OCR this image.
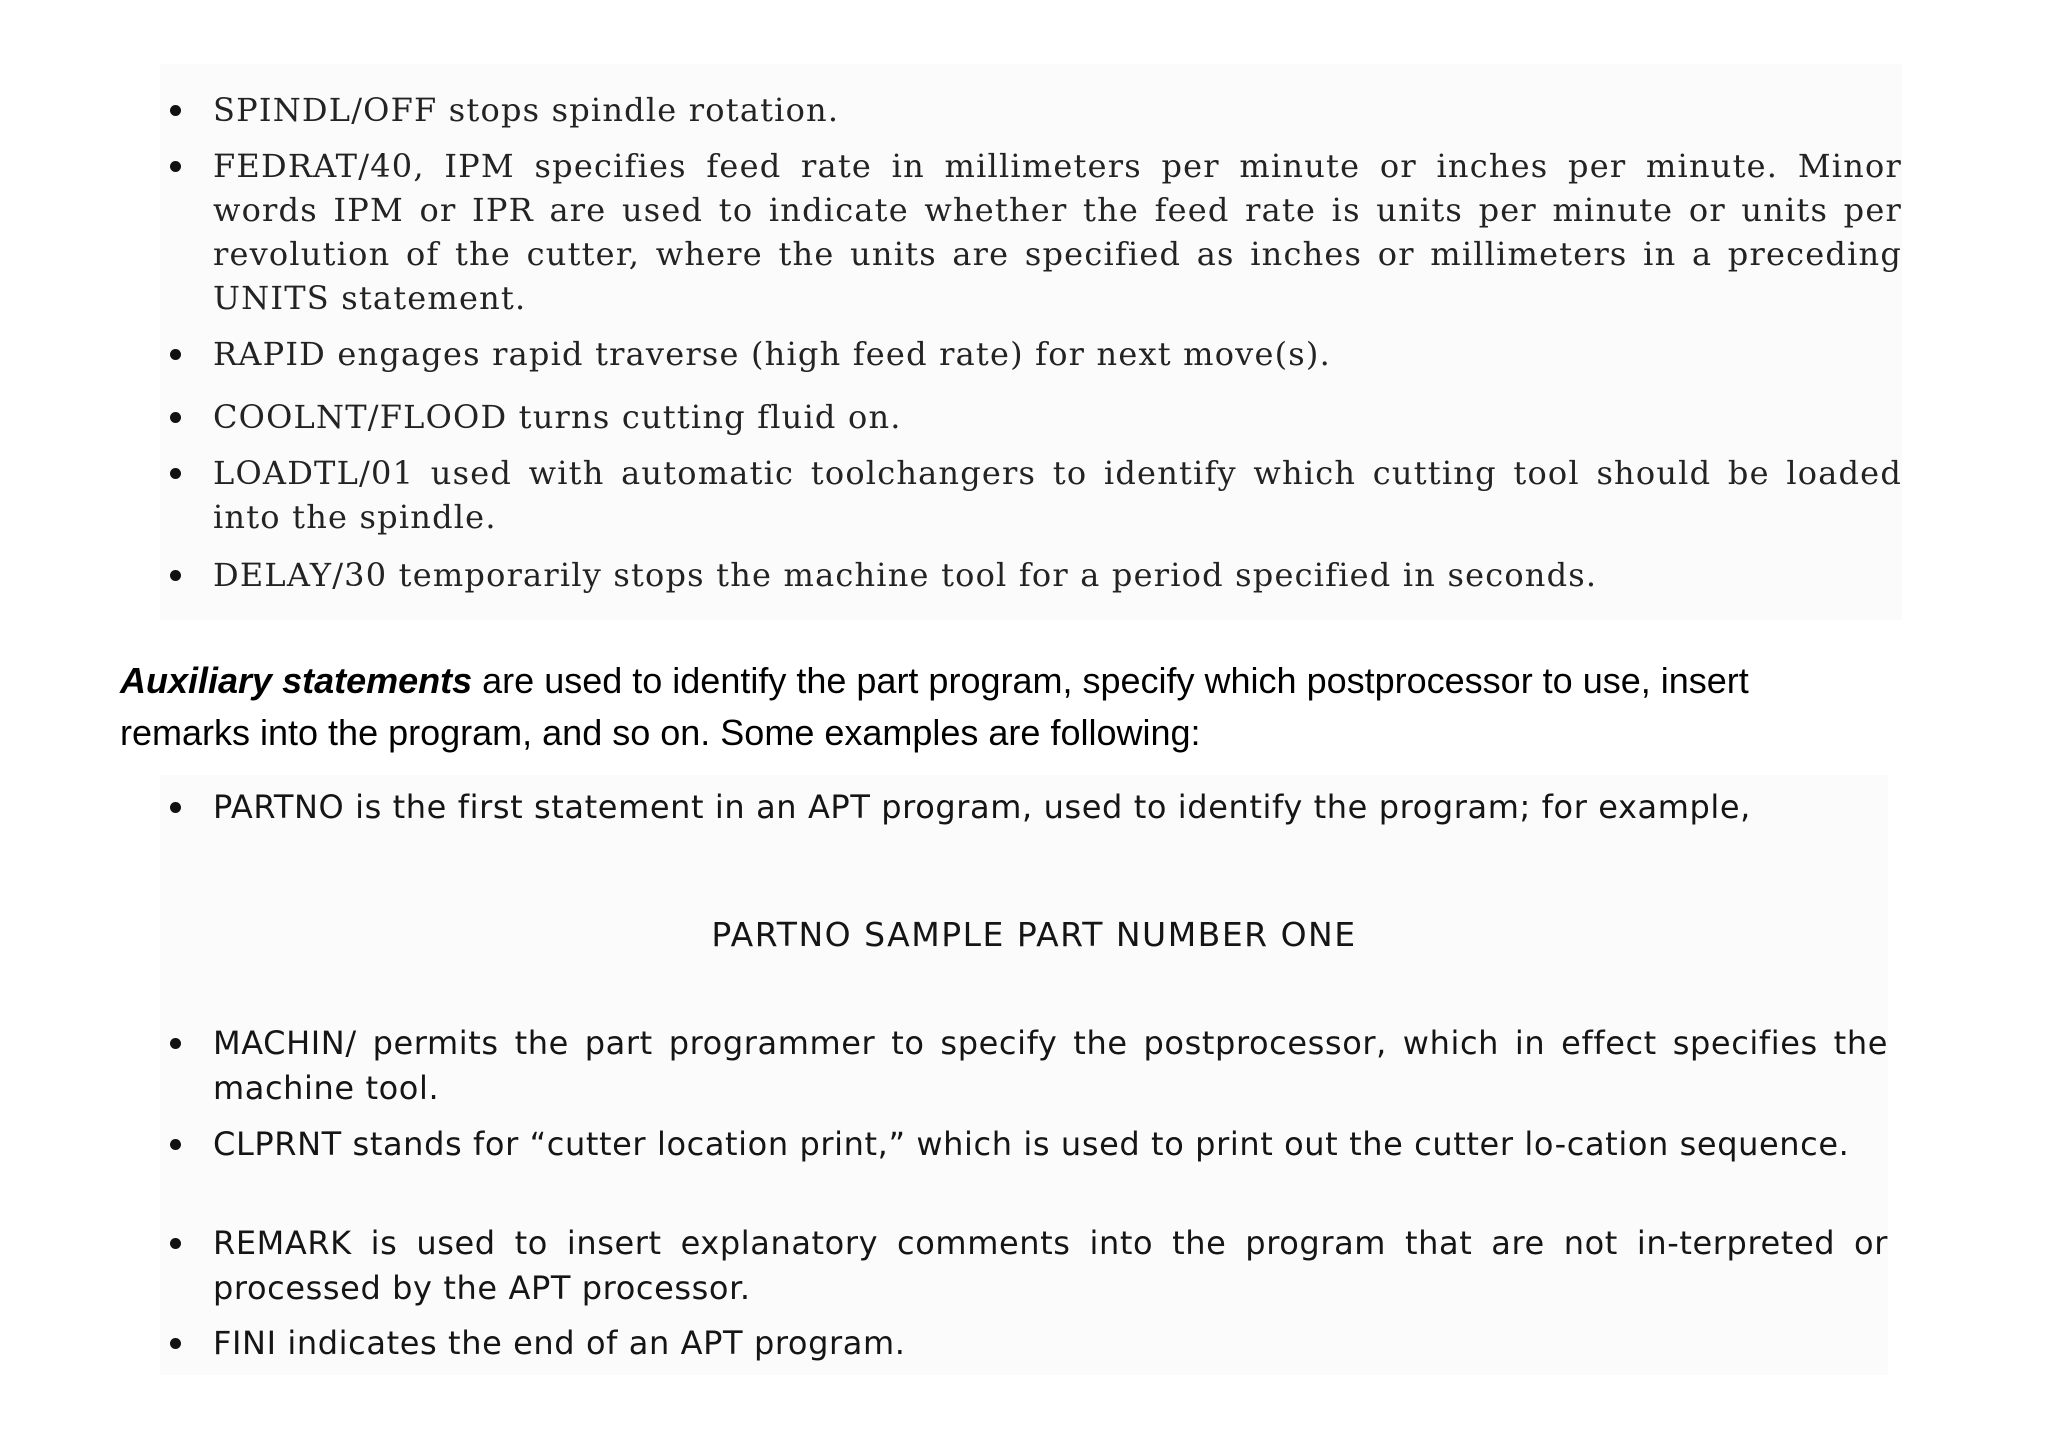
SPINDL/OFF stops spindle rotation.

FEDRAT/40, IPM specifies feed rate in millimeters per minute or inches per minute. Minor words IPM or IPR are used to indicate whether the feed rate is units per minute or units per revolution of the cutter, where the units are specified as inches or millimeters in a preceding UNITS statement.

RAPID engages rapid traverse (high feed rate) for next move(s).

COOLNT/FLOOD turns cutting fluid on.

LOADTL/01 used with automatic toolchangers to identify which cutting tool should be loaded into the spindle.

DELAY/30 temporarily stops the machine tool for a period specified in seconds.

Auxiliary statements are used to identify the part program, specify which postprocessor to use, insert remarks into the program, and so on. Some examples are following:

PARTNO is the first statement in an APT program, used to identify the program; for example,

MACHIN/ permits the part programmer to specify the postprocessor, which in effect specifies the machine tool.

CLPRNT stands for “cutter location print,” which is used to print out the cutter lo-cation sequence.

REMARK is used to insert explanatory comments into the program that are not in-terpreted or processed by the APT processor.

FINI indicates the end of an APT program.

PARTNO SAMPLE PART NUMBER ONE
